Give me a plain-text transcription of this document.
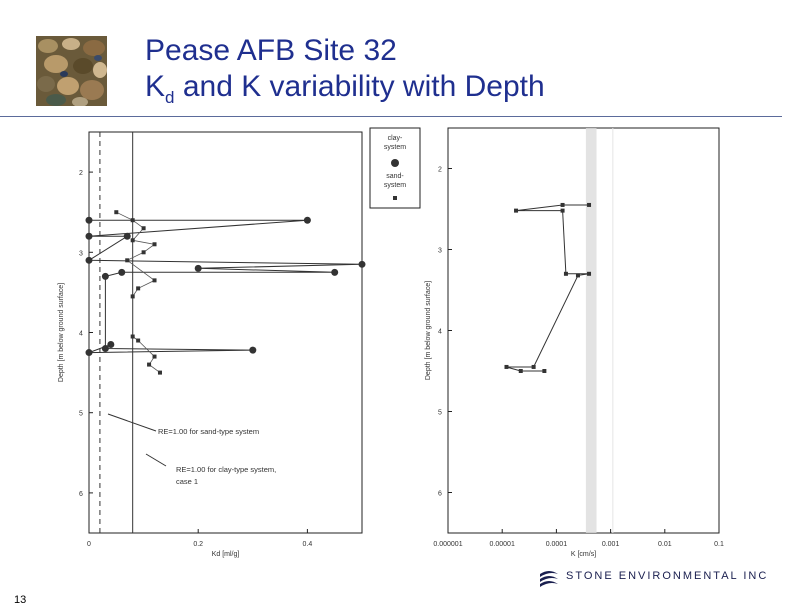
Pease AFB Site 32
$K_d$ and K variability with Depth
2
3
4
5
6
0	0.2	0.4
Kd [ml/g]
Depth [m below ground surface]
clay-
system
sand-
system
RE=1.00 for sand-type system
RE=1.00 for clay-type system,
case 1
2
3
4
5
6
0.000001	0.00001	0.0001	0.001	0.01	0.1
K [cm/s]
Depth [m below ground surface]
13
STONE ENVIRONMENTAL INC
